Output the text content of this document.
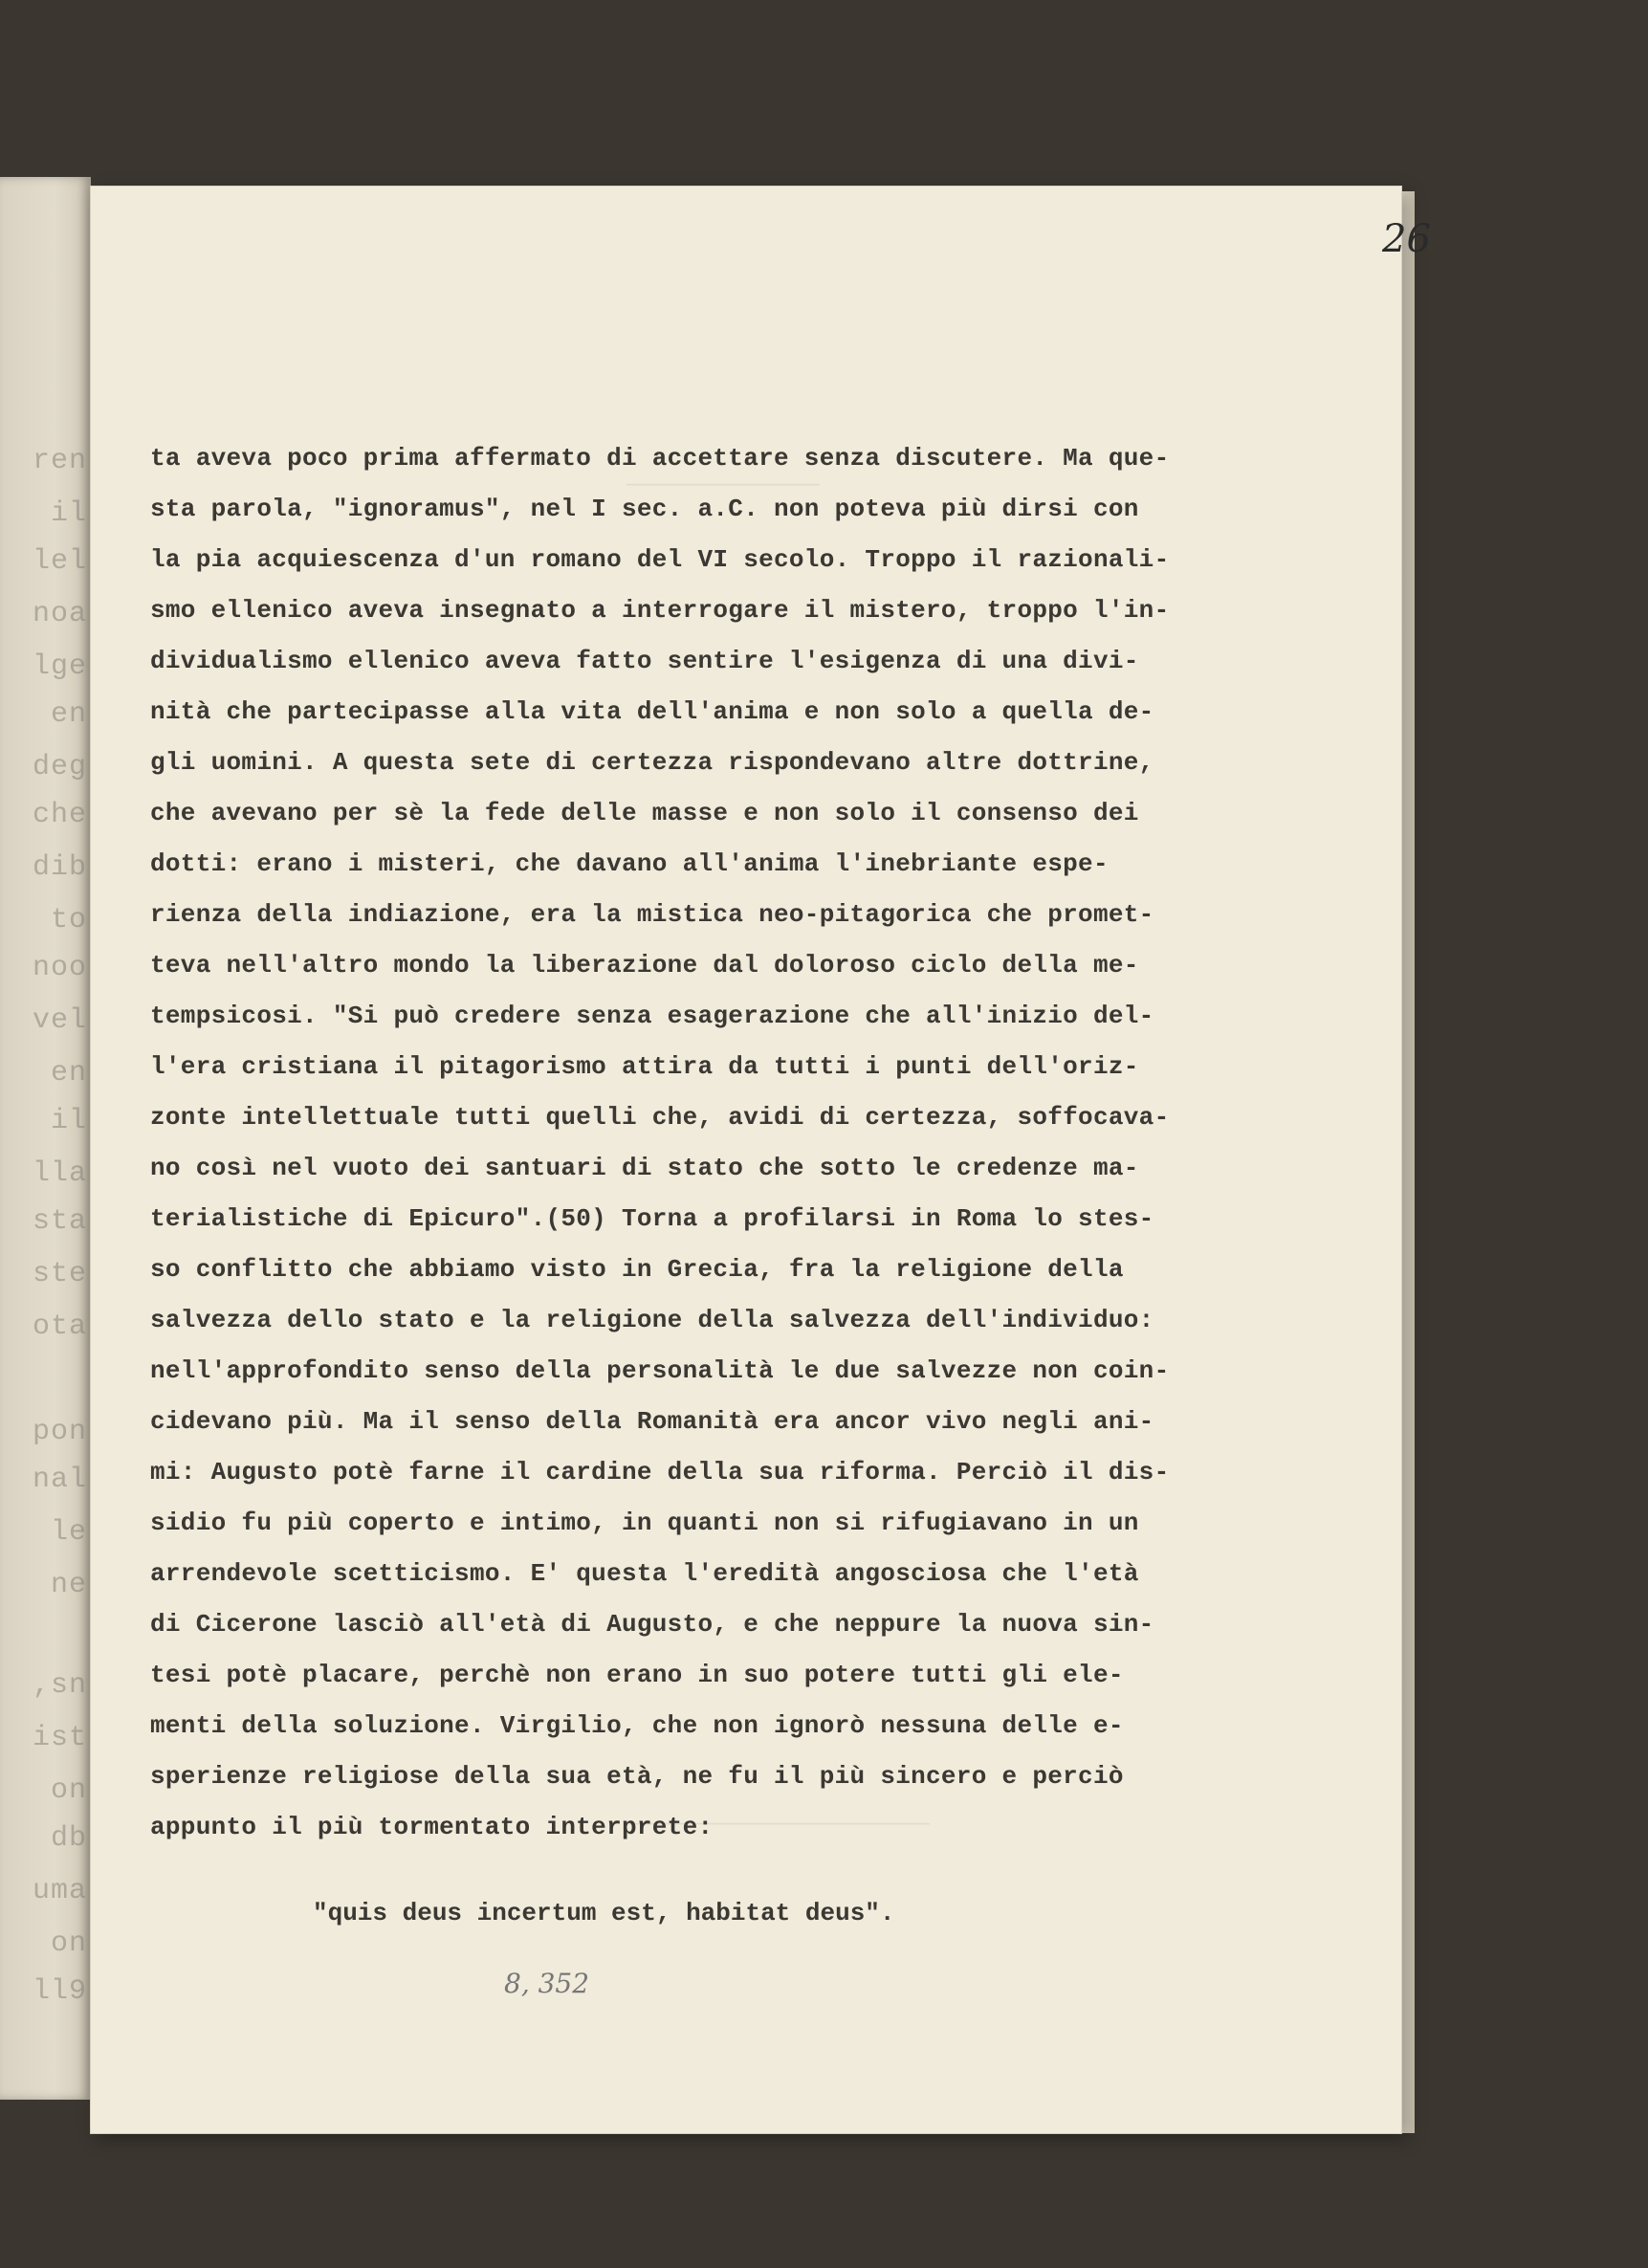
ren
il
lel
noa
lge
en
deg
che
dib
to
noo
vel
en
il
lla
sta
ste
ota
pon
nal
le
ne
,sn
ist
on
db
uma
on
ll9
──────────────
──────────────────────
26
ta aveva poco prima affermato di accettare senza discutere. Ma que-
sta parola, "ignoramus", nel I sec. a.C. non poteva più dirsi con
la pia acquiescenza d'un romano del VI secolo. Troppo il razionali-
smo ellenico aveva insegnato a interrogare il mistero, troppo l'in-
dividualismo ellenico aveva fatto sentire l'esigenza di una divi-
nità che partecipasse alla vita dell'anima e non solo a quella de-
gli uomini. A questa sete di certezza rispondevano altre dottrine,
che avevano per sè la fede delle masse e non solo il consenso dei
dotti: erano i misteri, che davano all'anima l'inebriante espe-
rienza della indiazione, era la mistica neo-pitagorica che promet-
teva nell'altro mondo la liberazione dal doloroso ciclo della me-
tempsicosi. "Si può credere senza esagerazione che all'inizio del-
l'era cristiana il pitagorismo attira da tutti i punti dell'oriz-
zonte intellettuale tutti quelli che, avidi di certezza, soffocava-
no così nel vuoto dei santuari di stato che sotto le credenze ma-
terialistiche di Epicuro".(50) Torna a profilarsi in Roma lo stes-
so conflitto che abbiamo visto in Grecia, fra la religione della
salvezza dello stato e la religione della salvezza dell'individuo:
nell'approfondito senso della personalità le due salvezze non coin-
cidevano più. Ma il senso della Romanità era ancor vivo negli ani-
mi: Augusto potè farne il cardine della sua riforma. Perciò il dis-
sidio fu più coperto e intimo, in quanti non si rifugiavano in un
arrendevole scetticismo. E' questa l'eredità angosciosa che l'età
di Cicerone lasciò all'età di Augusto, e che neppure la nuova sin-
tesi potè placare, perchè non erano in suo potere tutti gli ele-
menti della soluzione. Virgilio, che non ignorò nessuna delle e-
sperienze religiose della sua età, ne fu il più sincero e perciò
appunto il più tormentato interprete:
"quis deus incertum est, habitat deus".
8, 352
